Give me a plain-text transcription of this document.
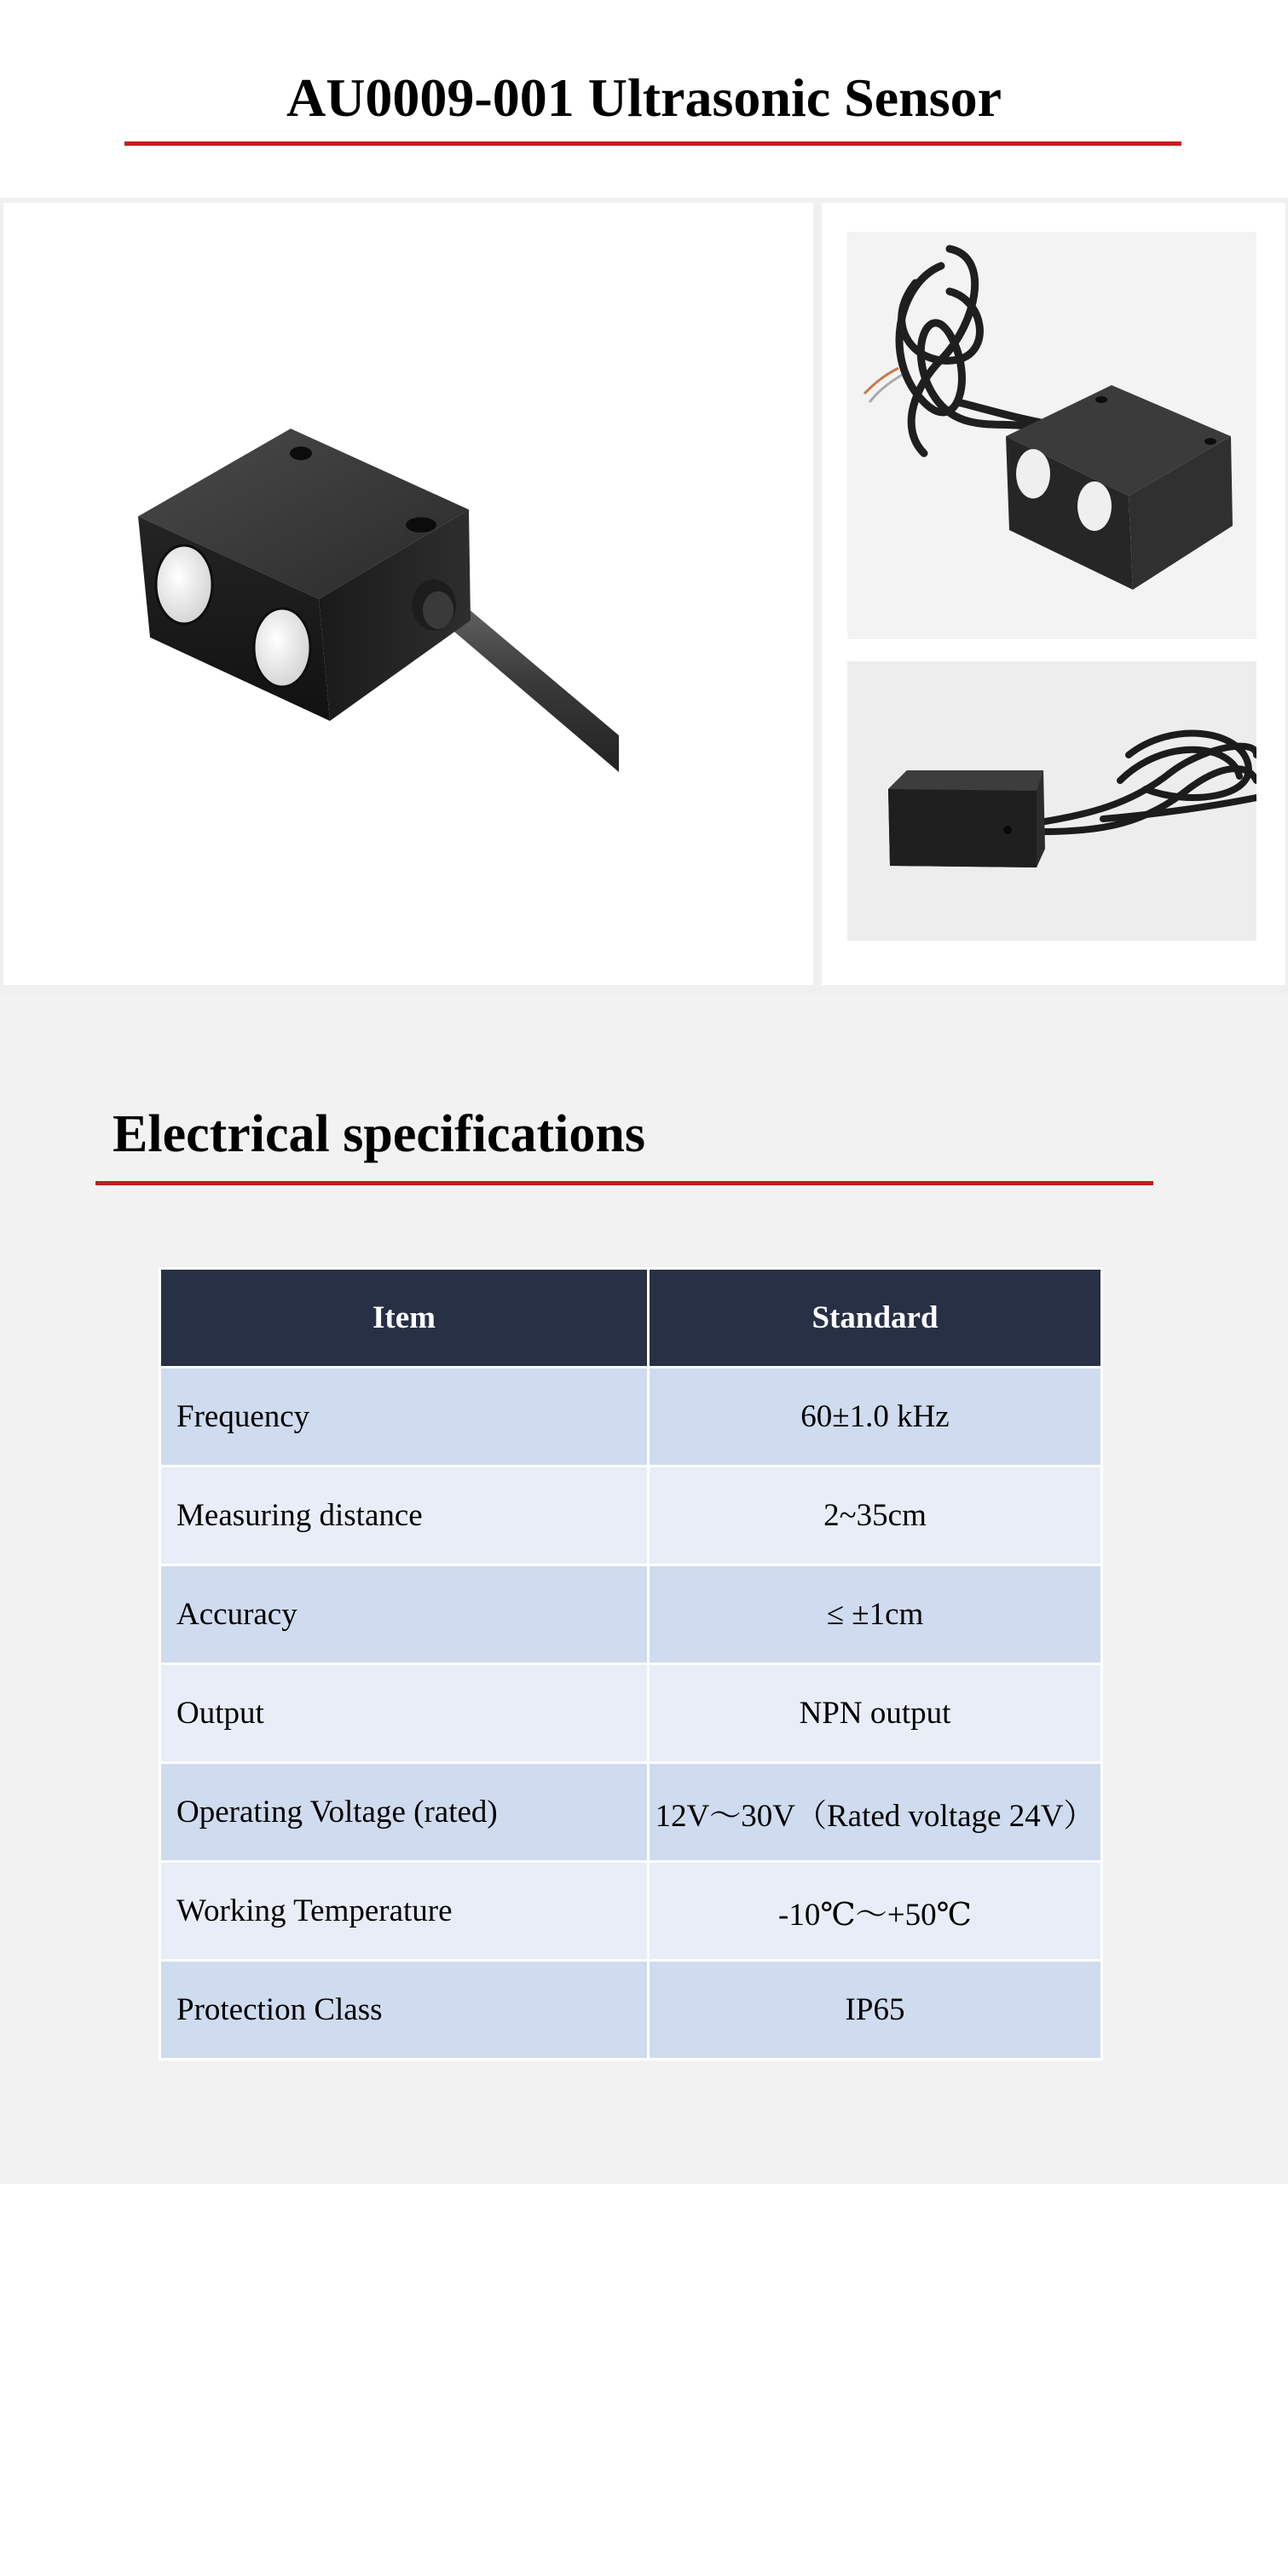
AU0009-001 Ultrasonic Sensor
Electrical specifications
Item	Standard
Frequency	60±1.0 kHz
Measuring distance	2~35cm
Accuracy	≤ ±1cm
Output	NPN output
Operating Voltage (rated)	12V～30V（Rated voltage 24V）
Working Temperature	-10℃～+50℃
Protection Class	IP65
